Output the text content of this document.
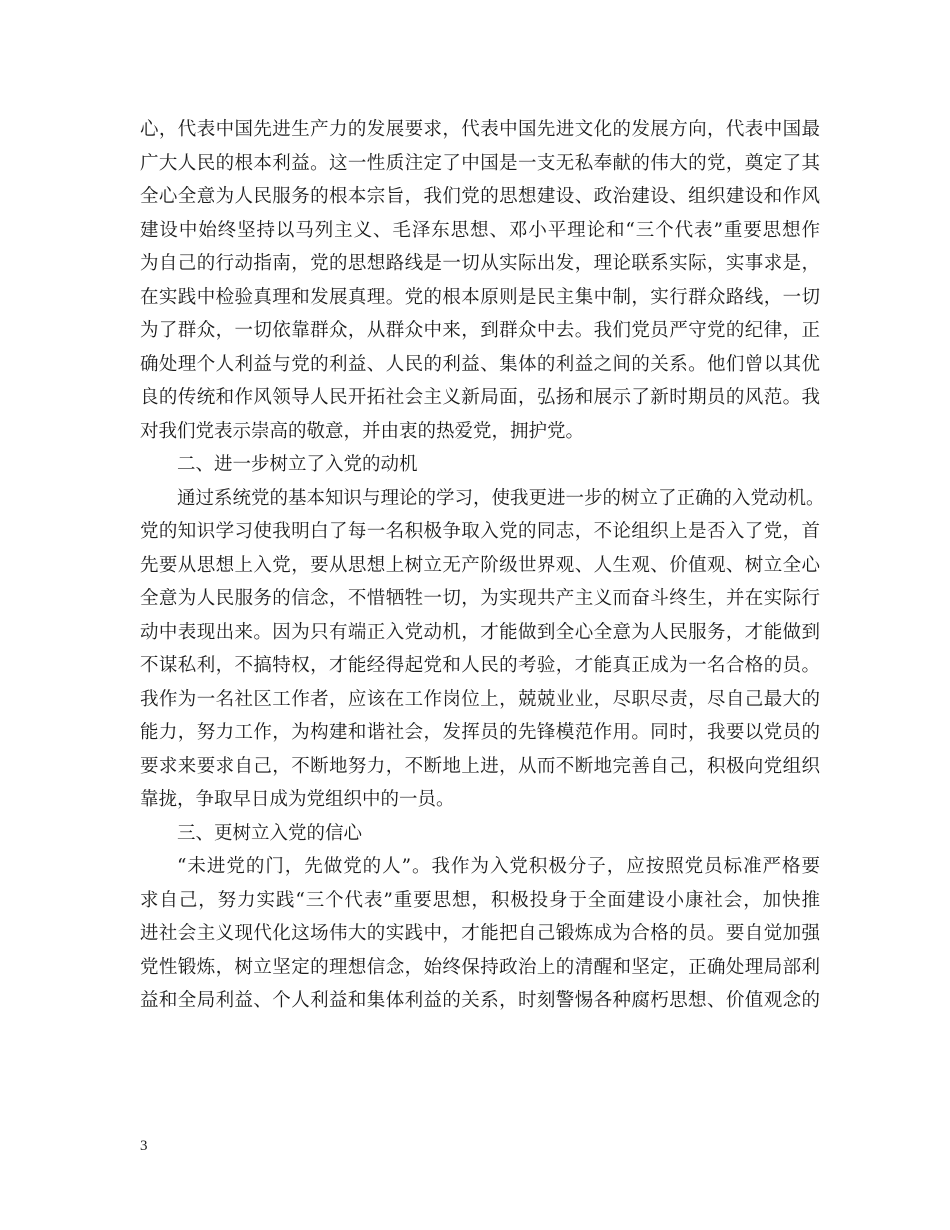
心，代表中国先进生产力的发展要求，代表中国先进文化的发展方向，代表中国最
广大人民的根本利益。这一性质注定了中国是一支无私奉献的伟大的党，奠定了其
全心全意为人民服务的根本宗旨，我们党的思想建设、政治建设、组织建设和作风
建设中始终坚持以马列主义、毛泽东思想、邓小平理论和“三个代表”重要思想作
为自己的行动指南，党的思想路线是一切从实际出发，理论联系实际，实事求是，
在实践中检验真理和发展真理。党的根本原则是民主集中制，实行群众路线，一切
为了群众，一切依靠群众，从群众中来，到群众中去。我们党员严守党的纪律，正
确处理个人利益与党的利益、人民的利益、集体的利益之间的关系。他们曾以其优
良的传统和作风领导人民开拓社会主义新局面，弘扬和展示了新时期员的风范。我
对我们党表示崇高的敬意，并由衷的热爱党，拥护党。
二、进一步树立了入党的动机
通过系统党的基本知识与理论的学习，使我更进一步的树立了正确的入党动机。
党的知识学习使我明白了每一名积极争取入党的同志，不论组织上是否入了党，首
先要从思想上入党，要从思想上树立无产阶级世界观、人生观、价值观、树立全心
全意为人民服务的信念，不惜牺牲一切，为实现共产主义而奋斗终生，并在实际行
动中表现出来。因为只有端正入党动机，才能做到全心全意为人民服务，才能做到
不谋私利，不搞特权，才能经得起党和人民的考验，才能真正成为一名合格的员。
我作为一名社区工作者，应该在工作岗位上，兢兢业业，尽职尽责，尽自己最大的
能力，努力工作，为构建和谐社会，发挥员的先锋模范作用。同时，我要以党员的
要求来要求自己，不断地努力，不断地上进，从而不断地完善自己，积极向党组织
靠拢，争取早日成为党组织中的一员。
三、更树立入党的信心
“未进党的门，先做党的人”。我作为入党积极分子，应按照党员标准严格要
求自己，努力实践“三个代表”重要思想，积极投身于全面建设小康社会，加快推
进社会主义现代化这场伟大的实践中，才能把自己锻炼成为合格的员。要自觉加强
党性锻炼，树立坚定的理想信念，始终保持政治上的清醒和坚定，正确处理局部利
益和全局利益、个人利益和集体利益的关系，时刻警惕各种腐朽思想、价值观念的
3
